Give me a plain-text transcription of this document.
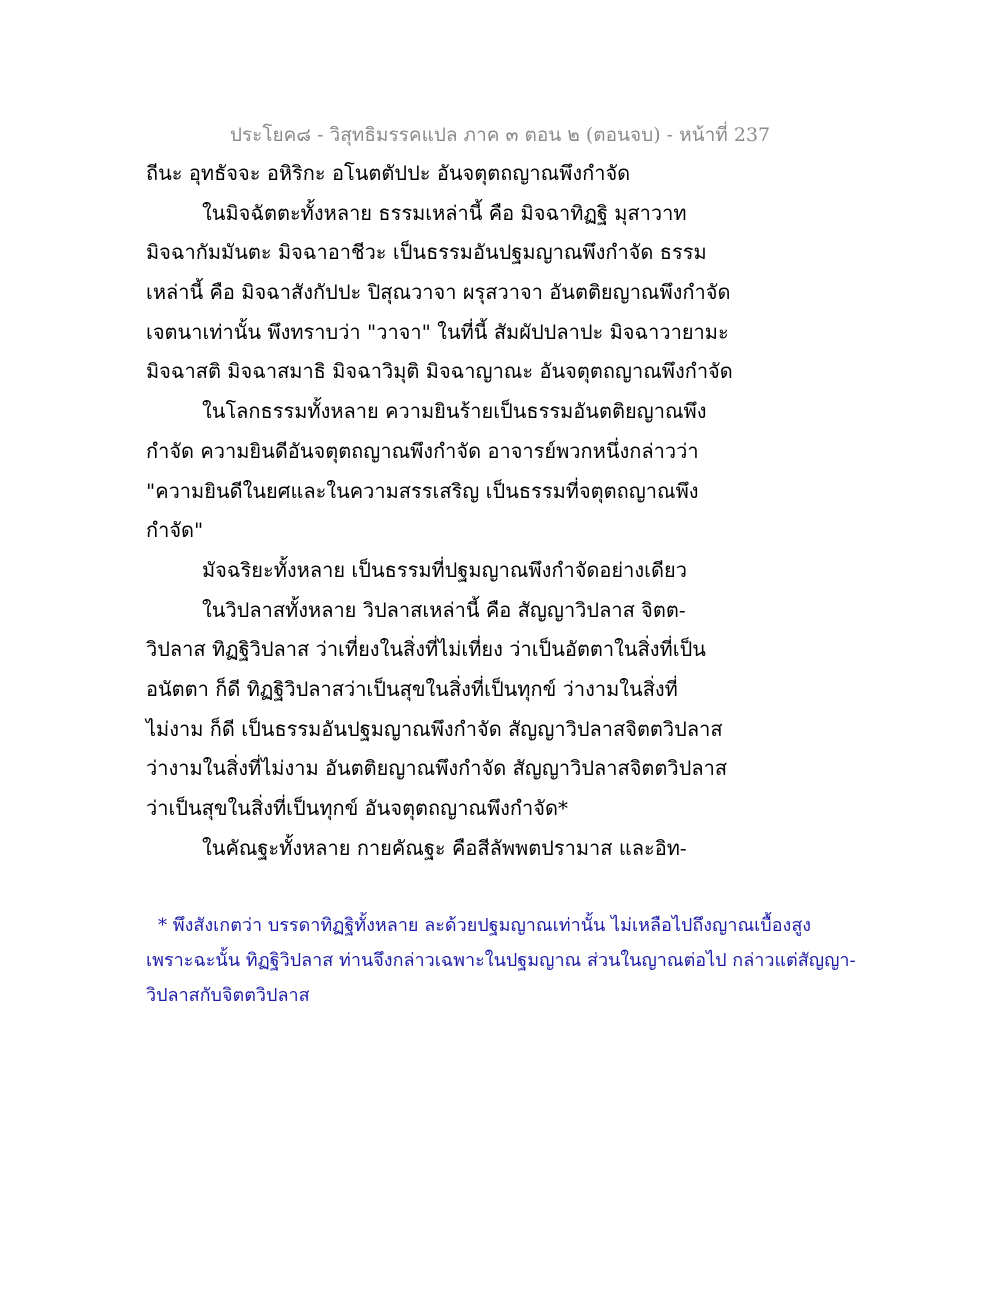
ประโยค๘ - วิสุทธิมรรคแปล ภาค ๓ ตอน ๒ (ตอนจบ) - หน้าที่ 237
ถีนะ อุทธัจจะ อหิริกะ อโนตตัปปะ อันจตุตถญาณพึงกำจัด
ในมิจฉัตตะทั้งหลาย ธรรมเหล่านี้ คือ มิจฉาทิฏฐิ มุสาวาท
มิจฉากัมมันตะ มิจฉาอาชีวะ เป็นธรรมอันปฐมญาณพึงกำจัด ธรรม
เหล่านี้ คือ มิจฉาสังกัปปะ ปิสุณวาจา ผรุสวาจา อันตติยญาณพึงกำจัด
เจตนาเท่านั้น พึงทราบว่า "วาจา" ในที่นี้ สัมผัปปลาปะ มิจฉาวายามะ
มิจฉาสติ มิจฉาสมาธิ มิจฉาวิมุติ มิจฉาญาณะ อันจตุตถญาณพึงกำจัด
ในโลกธรรมทั้งหลาย ความยินร้ายเป็นธรรมอันตติยญาณพึง
กำจัด ความยินดีอันจตุตถญาณพึงกำจัด อาจารย์พวกหนึ่งกล่าวว่า
"ความยินดีในยศและในความสรรเสริญ เป็นธรรมที่จตุตถญาณพึง
กำจัด"
มัจฉริยะทั้งหลาย เป็นธรรมที่ปฐมญาณพึงกำจัดอย่างเดียว
ในวิปลาสทั้งหลาย วิปลาสเหล่านี้ คือ สัญญาวิปลาส จิตต-
วิปลาส ทิฏฐิวิปลาส ว่าเที่ยงในสิ่งที่ไม่เที่ยง ว่าเป็นอัตตาในสิ่งที่เป็น
อนัตตา ก็ดี ทิฏฐิวิปลาสว่าเป็นสุขในสิ่งที่เป็นทุกข์ ว่างามในสิ่งที่
ไม่งาม ก็ดี เป็นธรรมอันปฐมญาณพึงกำจัด สัญญาวิปลาสจิตตวิปลาส
ว่างามในสิ่งที่ไม่งาม อันตติยญาณพึงกำจัด สัญญาวิปลาสจิตตวิปลาส
ว่าเป็นสุขในสิ่งที่เป็นทุกข์ อันจตุตถญาณพึงกำจัด*
ในคัณฐะทั้งหลาย กายคัณฐะ คือสีลัพพตปรามาส และอิท-
* พึงสังเกตว่า บรรดาทิฏฐิทั้งหลาย ละด้วยปฐมญาณเท่านั้น ไม่เหลือไปถึงญาณเบื้องสูง
เพราะฉะนั้น ทิฏฐิวิปลาส ท่านจึงกล่าวเฉพาะในปฐมญาณ ส่วนในญาณต่อไป กล่าวแต่สัญญา-
วิปลาสกับจิตตวิปลาส
